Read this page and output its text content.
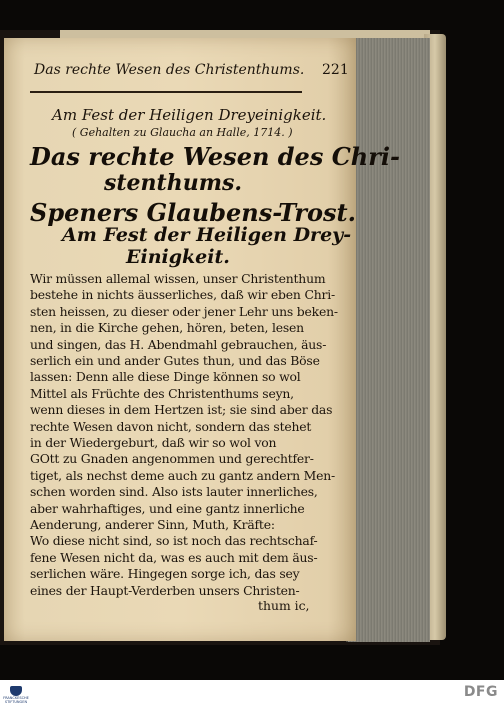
Das rechte Wesen des Christenthums. 221
Am Fest der Heiligen Dreyeinigkeit.
( Gehalten zu Glaucha an Halle, 1714. )
Das rechte Wesen des Chri-
stenthums.
Speners Glaubens-Trost.
Am Fest der Heiligen Drey-
Einigkeit.
Wir müssen allemal wissen, unser Christenthum
bestehe in nichts äusserliches, daß wir eben Chri-
sten heissen, zu dieser oder jener Lehr uns beken-
nen, in die Kirche gehen, hören, beten, lesen
und singen, das H. Abendmahl gebrauchen, äus-
serlich ein und ander Gutes thun, und das Böse
lassen: Denn alle diese Dinge können so wol
Mittel als Früchte des Christenthums seyn,
wenn dieses in dem Hertzen ist; sie sind aber das
rechte Wesen davon nicht, sondern das stehet
in der Wiedergeburt, daß wir so wol von
GOtt zu Gnaden angenommen und gerechtfer-
tiget, als nechst deme auch zu gantz andern Men-
schen worden sind. Also ists lauter innerliches,
aber wahrhaftiges, und eine gantz innerliche
Aenderung, anderer Sinn, Muth, Kräfte:
Wo diese nicht sind, so ist noch das rechtschaf-
fene Wesen nicht da, was es auch mit dem äus-
serlichen wäre. Hingegen sorge ich, das sey
eines der Haupt-Verderben unsers Christen-
thum ic,
FRANCKESCHE STIFTUNGEN
DFG
